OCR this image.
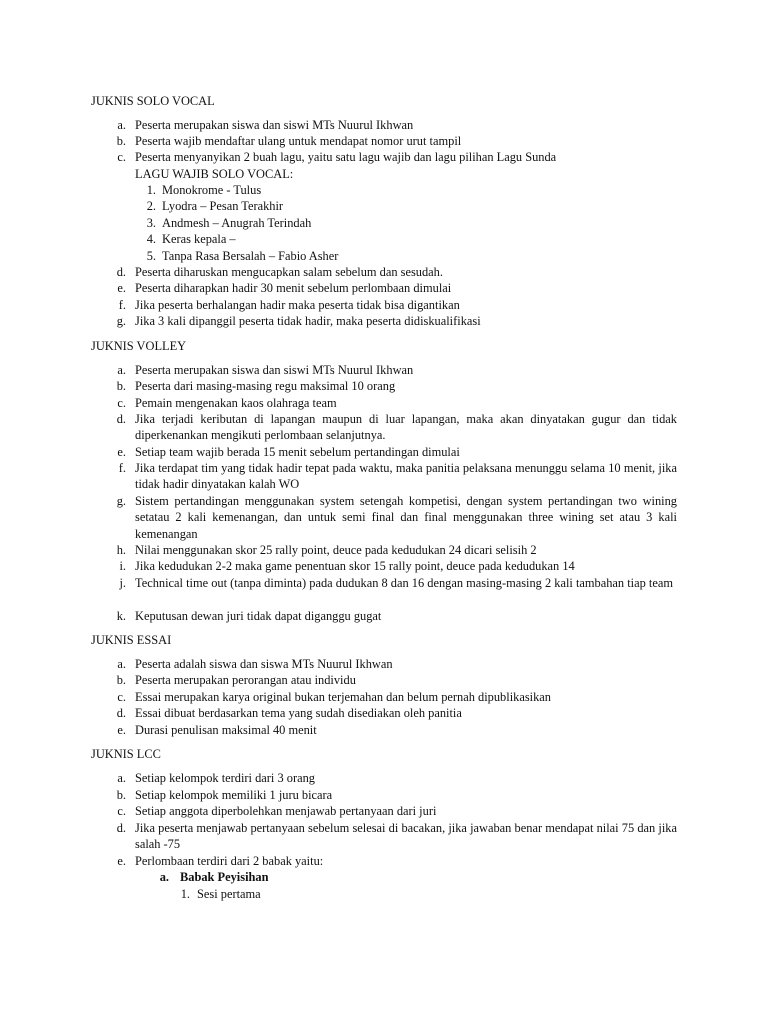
JUKNIS SOLO VOCAL
a. Peserta merupakan siswa dan siswi MTs Nuurul Ikhwan
b. Peserta wajib mendaftar ulang untuk mendapat nomor urut tampil
c. Peserta menyanyikan 2 buah lagu, yaitu satu lagu wajib dan lagu pilihan Lagu Sunda
LAGU WAJIB SOLO VOCAL:
1. Monokrome - Tulus
2. Lyodra – Pesan Terakhir
3. Andmesh – Anugrah Terindah
4. Keras kepala –
5. Tanpa Rasa Bersalah – Fabio Asher
d. Peserta diharuskan mengucapkan salam sebelum dan sesudah.
e. Peserta diharapkan hadir 30 menit sebelum perlombaan dimulai
f. Jika peserta berhalangan hadir maka peserta tidak bisa digantikan
g. Jika 3 kali dipanggil peserta tidak hadir, maka peserta didiskualifikasi
JUKNIS VOLLEY
a. Peserta merupakan siswa dan siswi MTs Nuurul Ikhwan
b. Peserta dari masing-masing regu maksimal 10 orang
c. Pemain mengenakan kaos olahraga team
d. Jika terjadi keributan di lapangan maupun di luar lapangan, maka akan dinyatakan gugur dan tidak diperkenankan mengikuti perlombaan selanjutnya.
e. Setiap team wajib berada 15 menit sebelum pertandingan dimulai
f. Jika terdapat tim yang tidak hadir tepat pada waktu, maka panitia pelaksana menunggu selama 10 menit, jika tidak hadir dinyatakan kalah WO
g. Sistem pertandingan menggunakan system setengah kompetisi, dengan system pertandingan two wining setatau 2 kali kemenangan, dan untuk semi final dan final menggunakan three wining set atau 3 kali kemenangan
h. Nilai menggunakan skor 25 rally point, deuce pada kedudukan 24 dicari selisih 2
i. Jika kedudukan 2-2 maka game penentuan skor 15 rally point, deuce pada kedudukan 14
j. Technical time out (tanpa diminta) pada dudukan 8 dan 16 dengan masing-masing 2 kali tambahan tiap team
k. Keputusan dewan juri tidak dapat diganggu gugat
JUKNIS ESSAI
a. Peserta adalah siswa dan siswa MTs Nuurul Ikhwan
b. Peserta merupakan perorangan atau individu
c. Essai merupakan karya original bukan terjemahan dan belum pernah dipublikasikan
d. Essai dibuat berdasarkan tema yang sudah disediakan oleh panitia
e. Durasi penulisan maksimal 40 menit
JUKNIS LCC
a. Setiap kelompok terdiri dari 3 orang
b. Setiap kelompok memiliki 1 juru bicara
c. Setiap anggota diperbolehkan menjawab pertanyaan dari juri
d. Jika peserta menjawab pertanyaan sebelum selesai di bacakan, jika jawaban benar mendapat nilai 75 dan jika salah -75
e. Perlombaan terdiri dari 2 babak yaitu:
a. Babak Peyisihan
1. Sesi pertama
